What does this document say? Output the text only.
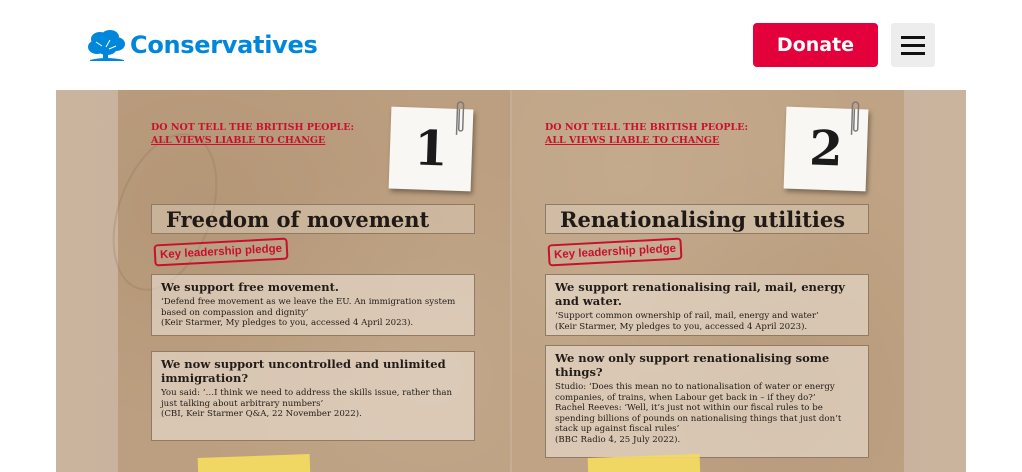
Conservatives	Donate
DO NOT TELL THE BRITISH PEOPLE:
ALL VIEWS LIABLE TO CHANGE	1
Freedom of movement
Key leadership pledge
We support free movement.
‘Defend free movement as we leave the EU. An immigration system
based on compassion and dignity’
(Keir Starmer, My pledges to you, accessed 4 April 2023).
We now support uncontrolled and unlimited immigration?
You said: ‘…I think we need to address the skills issue, rather than
just talking about arbitrary numbers’
(CBI, Keir Starmer Q&A, 22 November 2022).
DO NOT TELL THE BRITISH PEOPLE:
ALL VIEWS LIABLE TO CHANGE	2
Renationalising utilities
Key leadership pledge
We support renationalising rail, mail, energy and water.
‘Support common ownership of rail, mail, energy and water’
(Keir Starmer, My pledges to you, accessed 4 April 2023).
We now only support renationalising some things?
Studio: ‘Does this mean no to nationalisation of water or energy
companies, of trains, when Labour get back in – if they do?’
Rachel Reeves: ‘Well, it’s just not within our fiscal rules to be
spending billions of pounds on nationalising things that just don’t
stack up against fiscal rules’
(BBC Radio 4, 25 July 2022).
